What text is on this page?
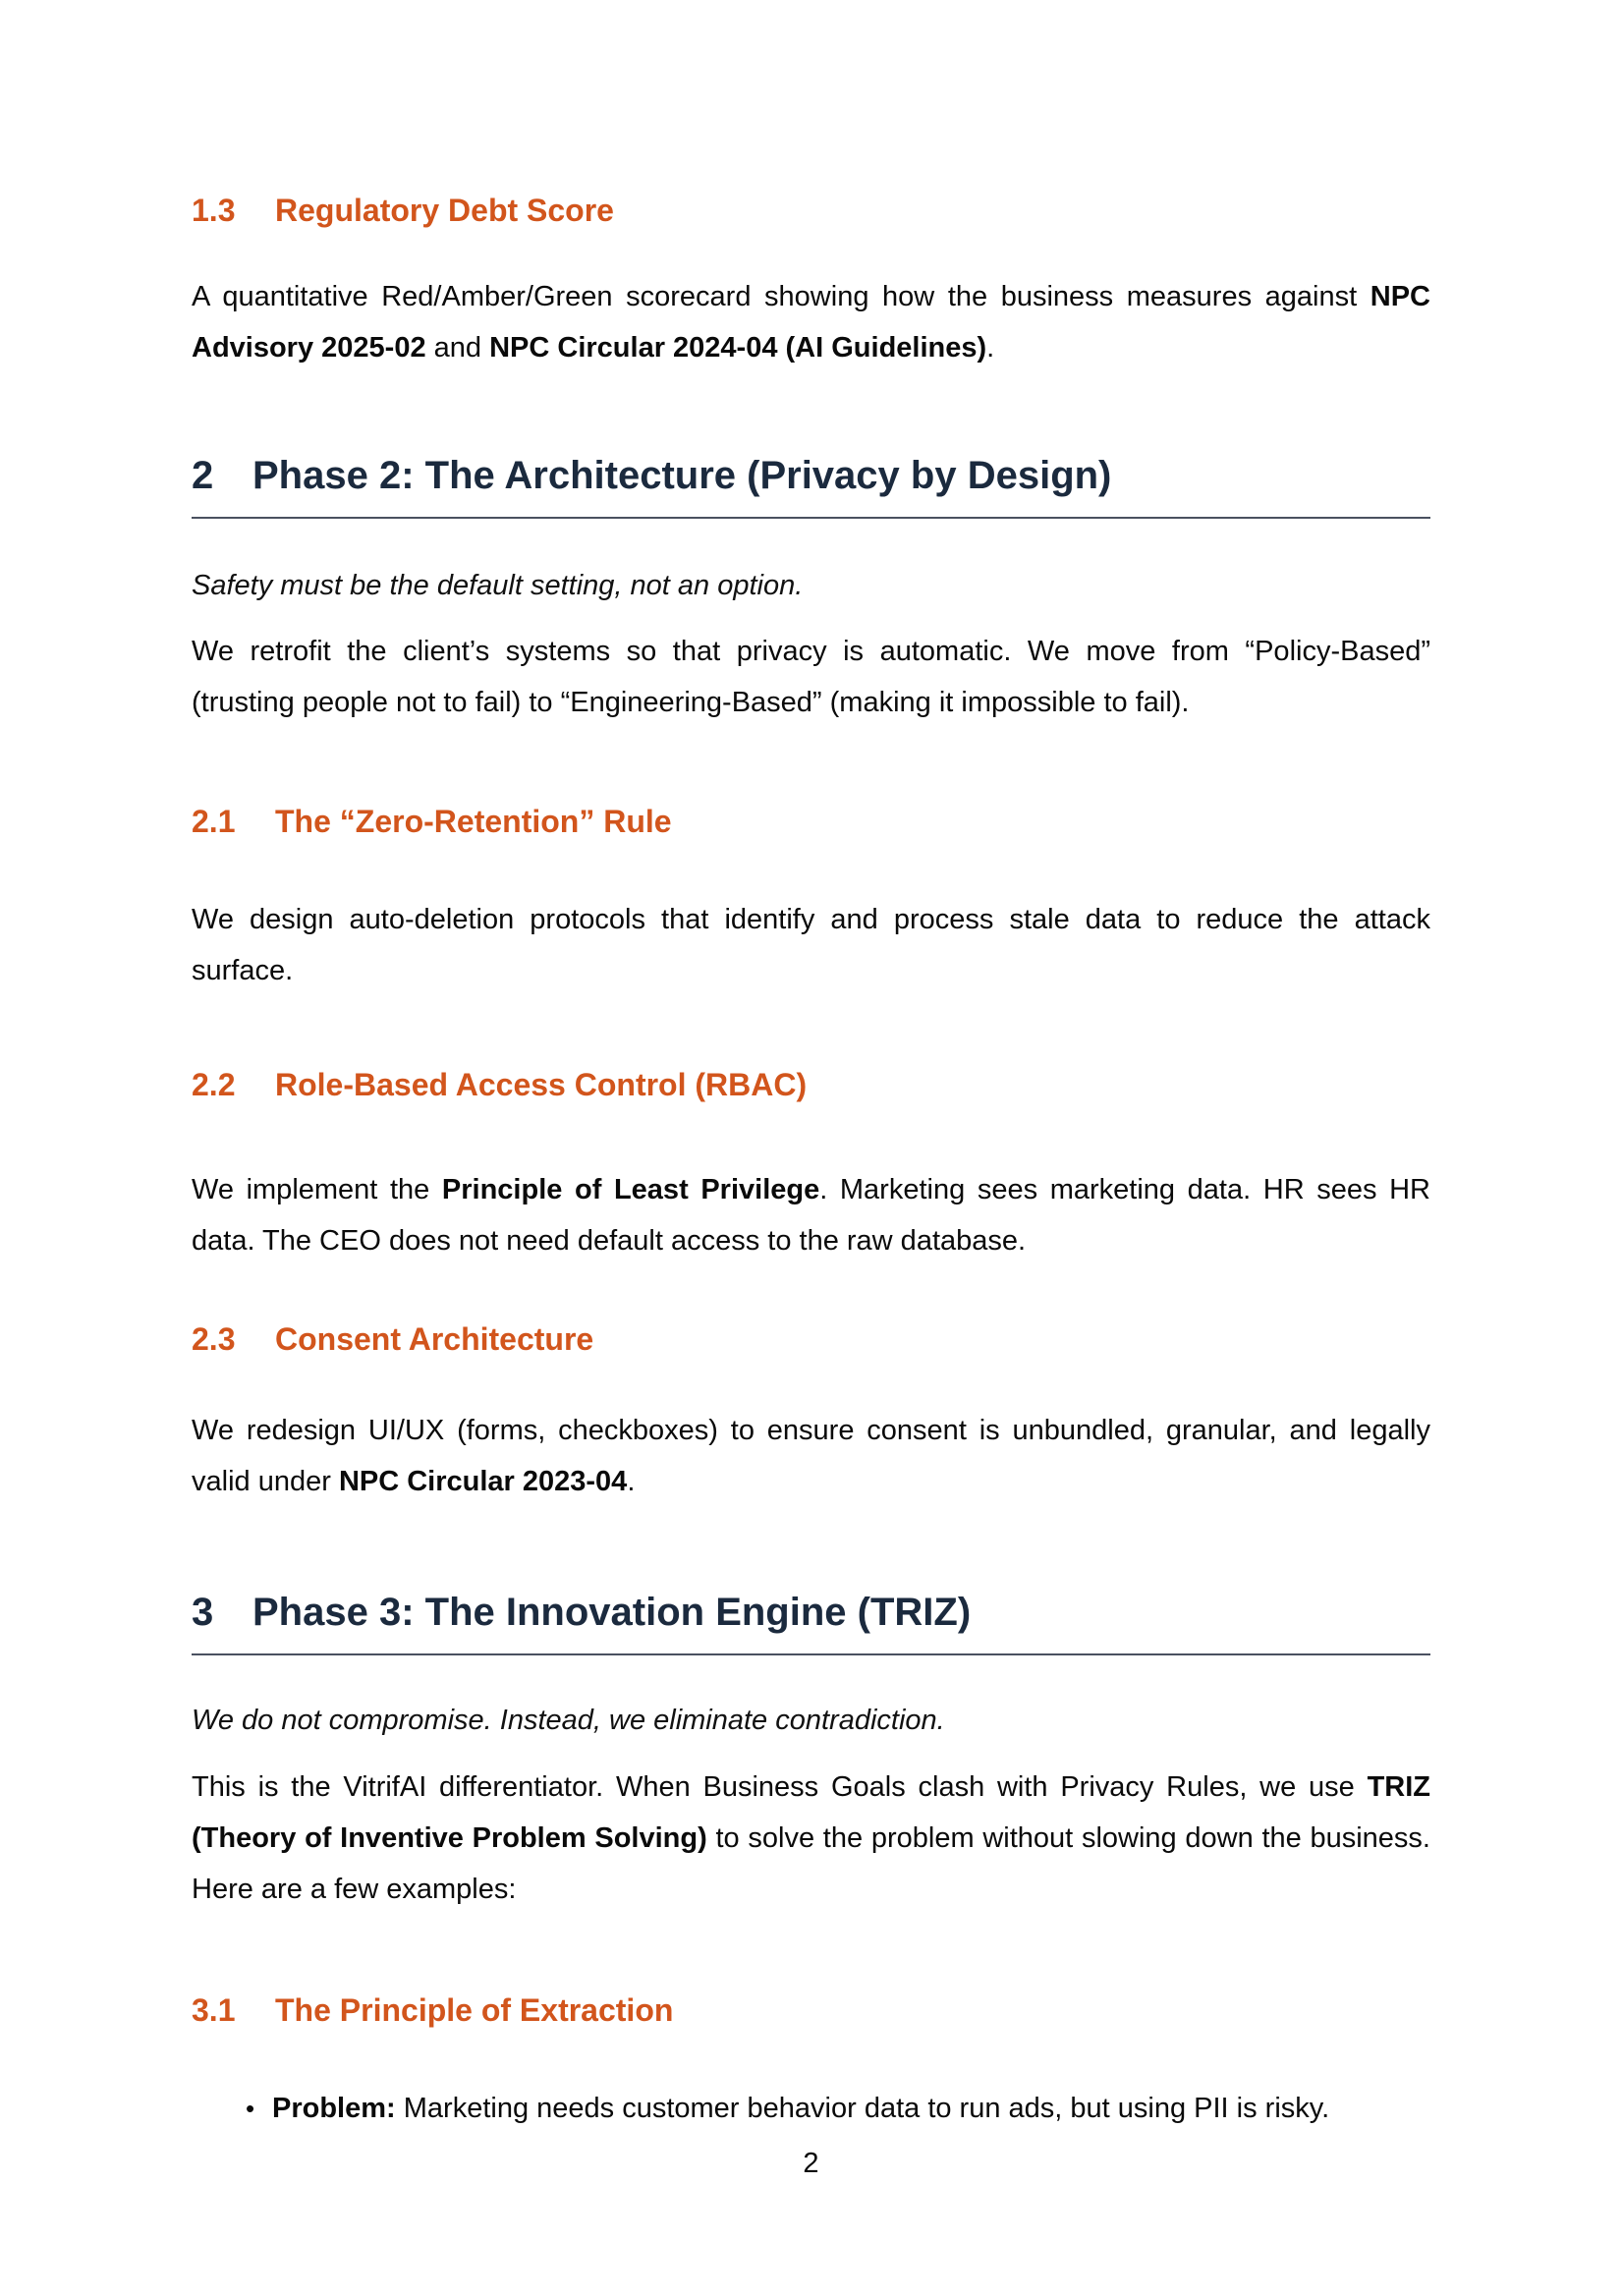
1.3	Regulatory Debt Score
A quantitative Red/Amber/Green scorecard showing how the business measures against NPC Advisory 2025-02 and NPC Circular 2024-04 (AI Guidelines).
2 Phase 2: The Architecture (Privacy by Design)
Safety must be the default setting, not an option.
We retrofit the client’s systems so that privacy is automatic. We move from “Policy-Based” (trusting people not to fail) to “Engineering-Based” (making it impossible to fail).
2.1	The “Zero-Retention” Rule
We design auto-deletion protocols that identify and process stale data to reduce the attack surface.
2.2	Role-Based Access Control (RBAC)
We implement the Principle of Least Privilege. Marketing sees marketing data. HR sees HR data. The CEO does not need default access to the raw database.
2.3	Consent Architecture
We redesign UI/UX (forms, checkboxes) to ensure consent is unbundled, granular, and legally valid under NPC Circular 2023-04.
3 Phase 3: The Innovation Engine (TRIZ)
We do not compromise. Instead, we eliminate contradiction.
This is the VitrifAI differentiator. When Business Goals clash with Privacy Rules, we use TRIZ (Theory of Inventive Problem Solving) to solve the problem without slowing down the business. Here are a few examples:
3.1	The Principle of Extraction
• Problem: Marketing needs customer behavior data to run ads, but using PII is risky.
2
